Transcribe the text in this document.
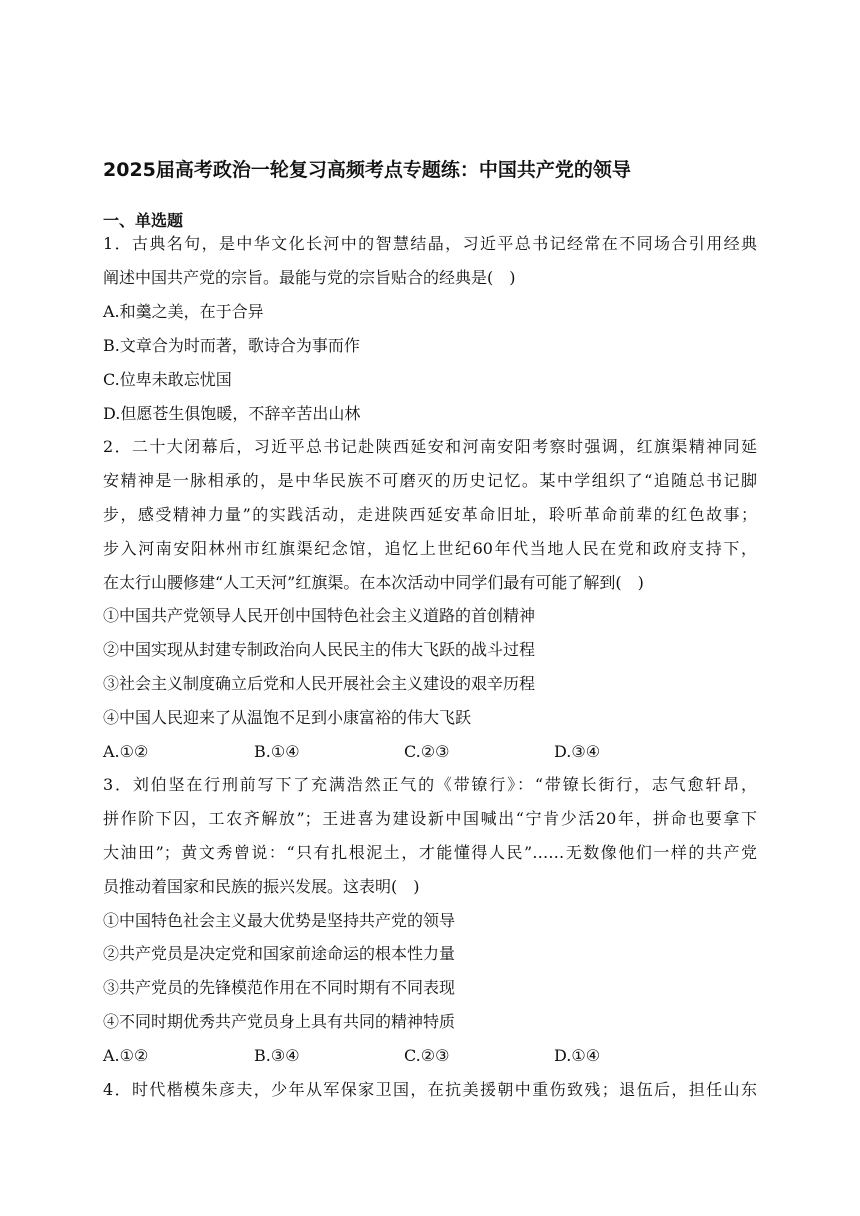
2025届高考政治一轮复习高频考点专题练：中国共产党的领导
一、单选题
1．古典名句，是中华文化长河中的智慧结晶，习近平总书记经常在不同场合引用经典
阐述中国共产党的宗旨。最能与党的宗旨贴合的经典是(　)
A.和羹之美，在于合异
B.文章合为时而著，歌诗合为事而作
C.位卑未敢忘忧国
D.但愿苍生俱饱暖，不辞辛苦出山林
2．二十大闭幕后，习近平总书记赴陕西延安和河南安阳考察时强调，红旗渠精神同延
安精神是一脉相承的，是中华民族不可磨灭的历史记忆。某中学组织了“追随总书记脚
步，感受精神力量”的实践活动，走进陕西延安革命旧址，聆听革命前辈的红色故事；
步入河南安阳林州市红旗渠纪念馆，追忆上世纪60年代当地人民在党和政府支持下，
在太行山腰修建“人工天河”红旗渠。在本次活动中同学们最有可能了解到(　)
①中国共产党领导人民开创中国特色社会主义道路的首创精神
②中国实现从封建专制政治向人民民主的伟大飞跃的战斗过程
③社会主义制度确立后党和人民开展社会主义建设的艰辛历程
④中国人民迎来了从温饱不足到小康富裕的伟大飞跃
A.①②	B.①④	C.②③	D.③④
3．刘伯坚在行刑前写下了充满浩然正气的《带镣行》：“带镣长街行，志气愈轩昂，
拼作阶下囚，工农齐解放”；王进喜为建设新中国喊出“宁肯少活20年，拼命也要拿下
大油田”；黄文秀曾说：“只有扎根泥土，才能懂得人民”……无数像他们一样的共产党
员推动着国家和民族的振兴发展。这表明(　)
①中国特色社会主义最大优势是坚持共产党的领导
②共产党员是决定党和国家前途命运的根本性力量
③共产党员的先锋模范作用在不同时期有不同表现
④不同时期优秀共产党员身上具有共同的精神特质
A.①②	B.③④	C.②③	D.①④
4．时代楷模朱彦夫，少年从军保家卫国，在抗美援朝中重伤致残；退伍后，担任山东
